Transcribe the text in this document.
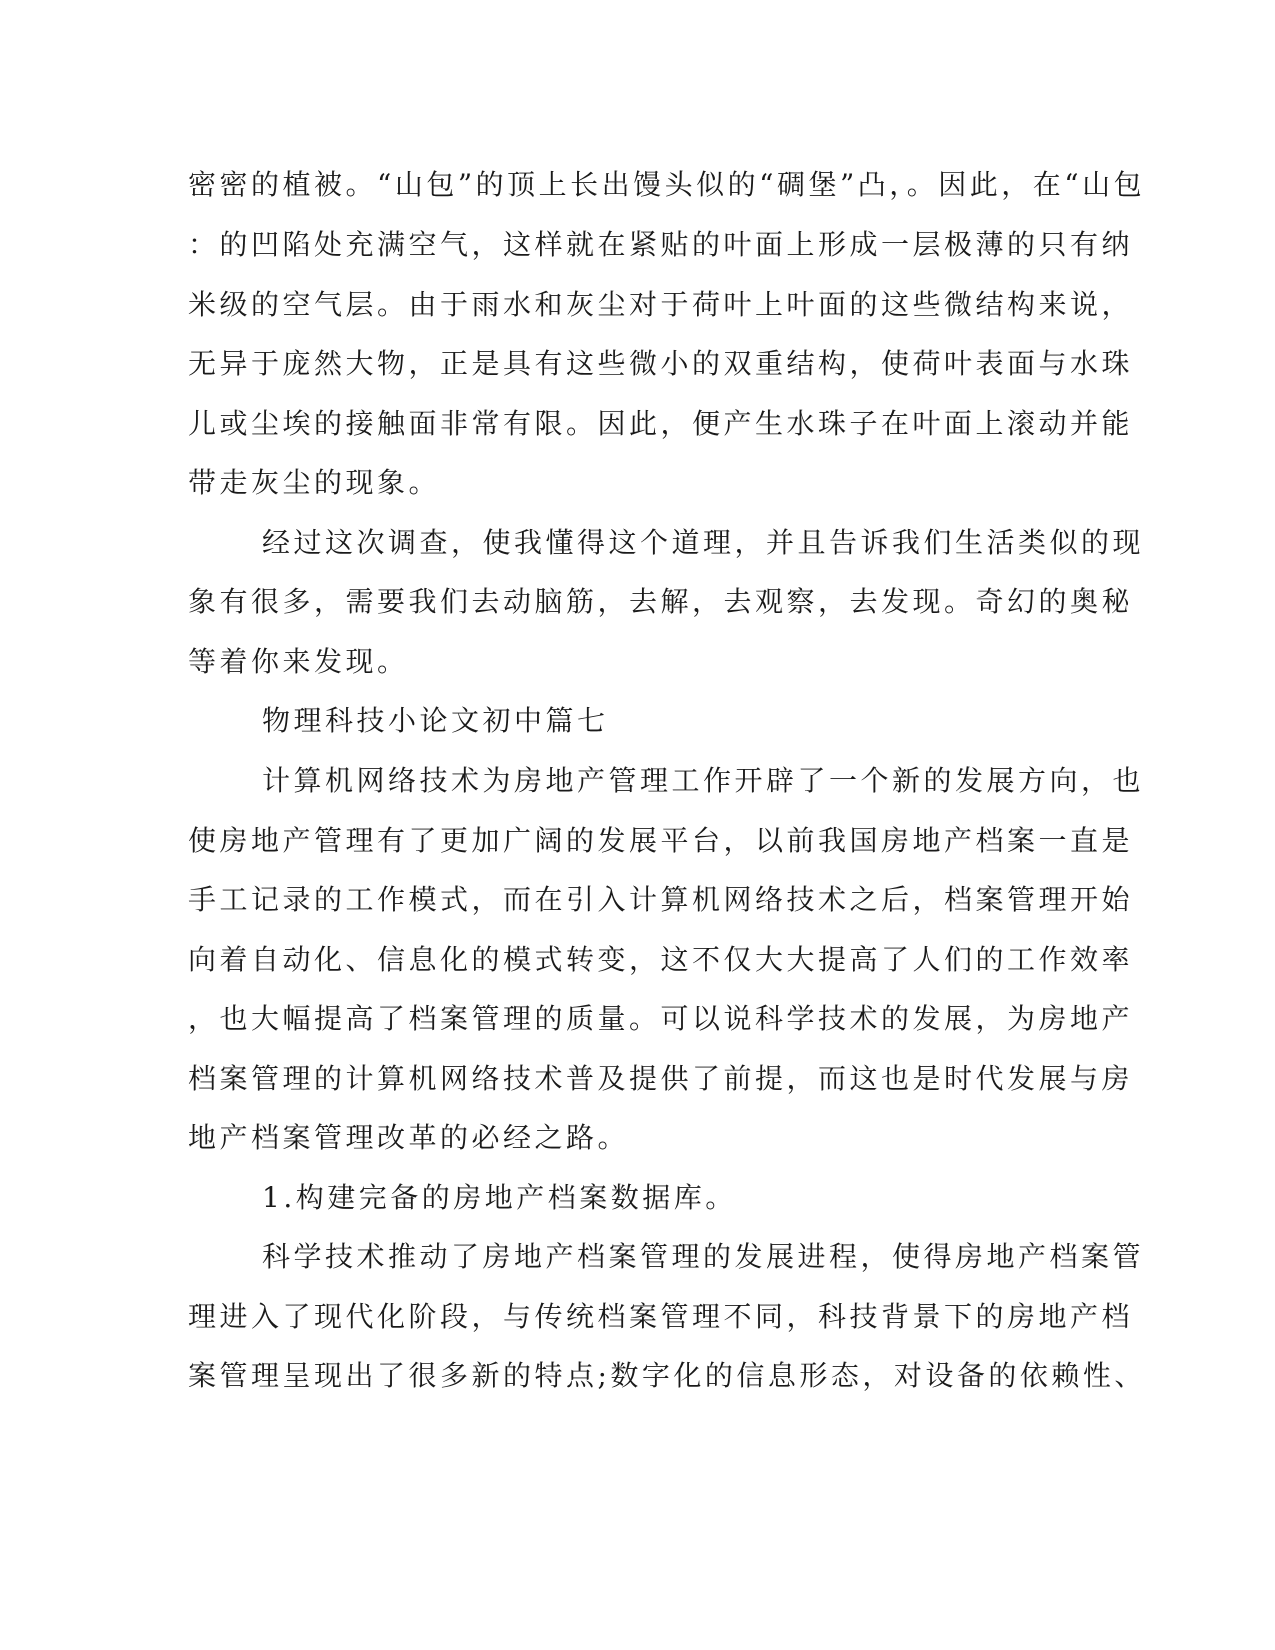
密密的植被。“山包”的顶上长出馒头似的“碉堡”凸，。因此，在“山包
：的凹陷处充满空气，这样就在紧贴的叶面上形成一层极薄的只有纳
米级的空气层。由于雨水和灰尘对于荷叶上叶面的这些微结构来说，
无异于庞然大物，正是具有这些微小的双重结构，使荷叶表面与水珠
儿或尘埃的接触面非常有限。因此，便产生水珠子在叶面上滚动并能
带走灰尘的现象。
经过这次调查，使我懂得这个道理，并且告诉我们生活类似的现
象有很多，需要我们去动脑筋，去解，去观察，去发现。奇幻的奥秘
等着你来发现。
物理科技小论文初中篇七
计算机网络技术为房地产管理工作开辟了一个新的发展方向，也
使房地产管理有了更加广阔的发展平台，以前我国房地产档案一直是
手工记录的工作模式，而在引入计算机网络技术之后，档案管理开始
向着自动化、信息化的模式转变，这不仅大大提高了人们的工作效率
，也大幅提高了档案管理的质量。可以说科学技术的发展，为房地产
档案管理的计算机网络技术普及提供了前提，而这也是时代发展与房
地产档案管理改革的必经之路。
1.构建完备的房地产档案数据库。
科学技术推动了房地产档案管理的发展进程，使得房地产档案管
理进入了现代化阶段，与传统档案管理不同，科技背景下的房地产档
案管理呈现出了很多新的特点;数字化的信息形态，对设备的依赖性、
